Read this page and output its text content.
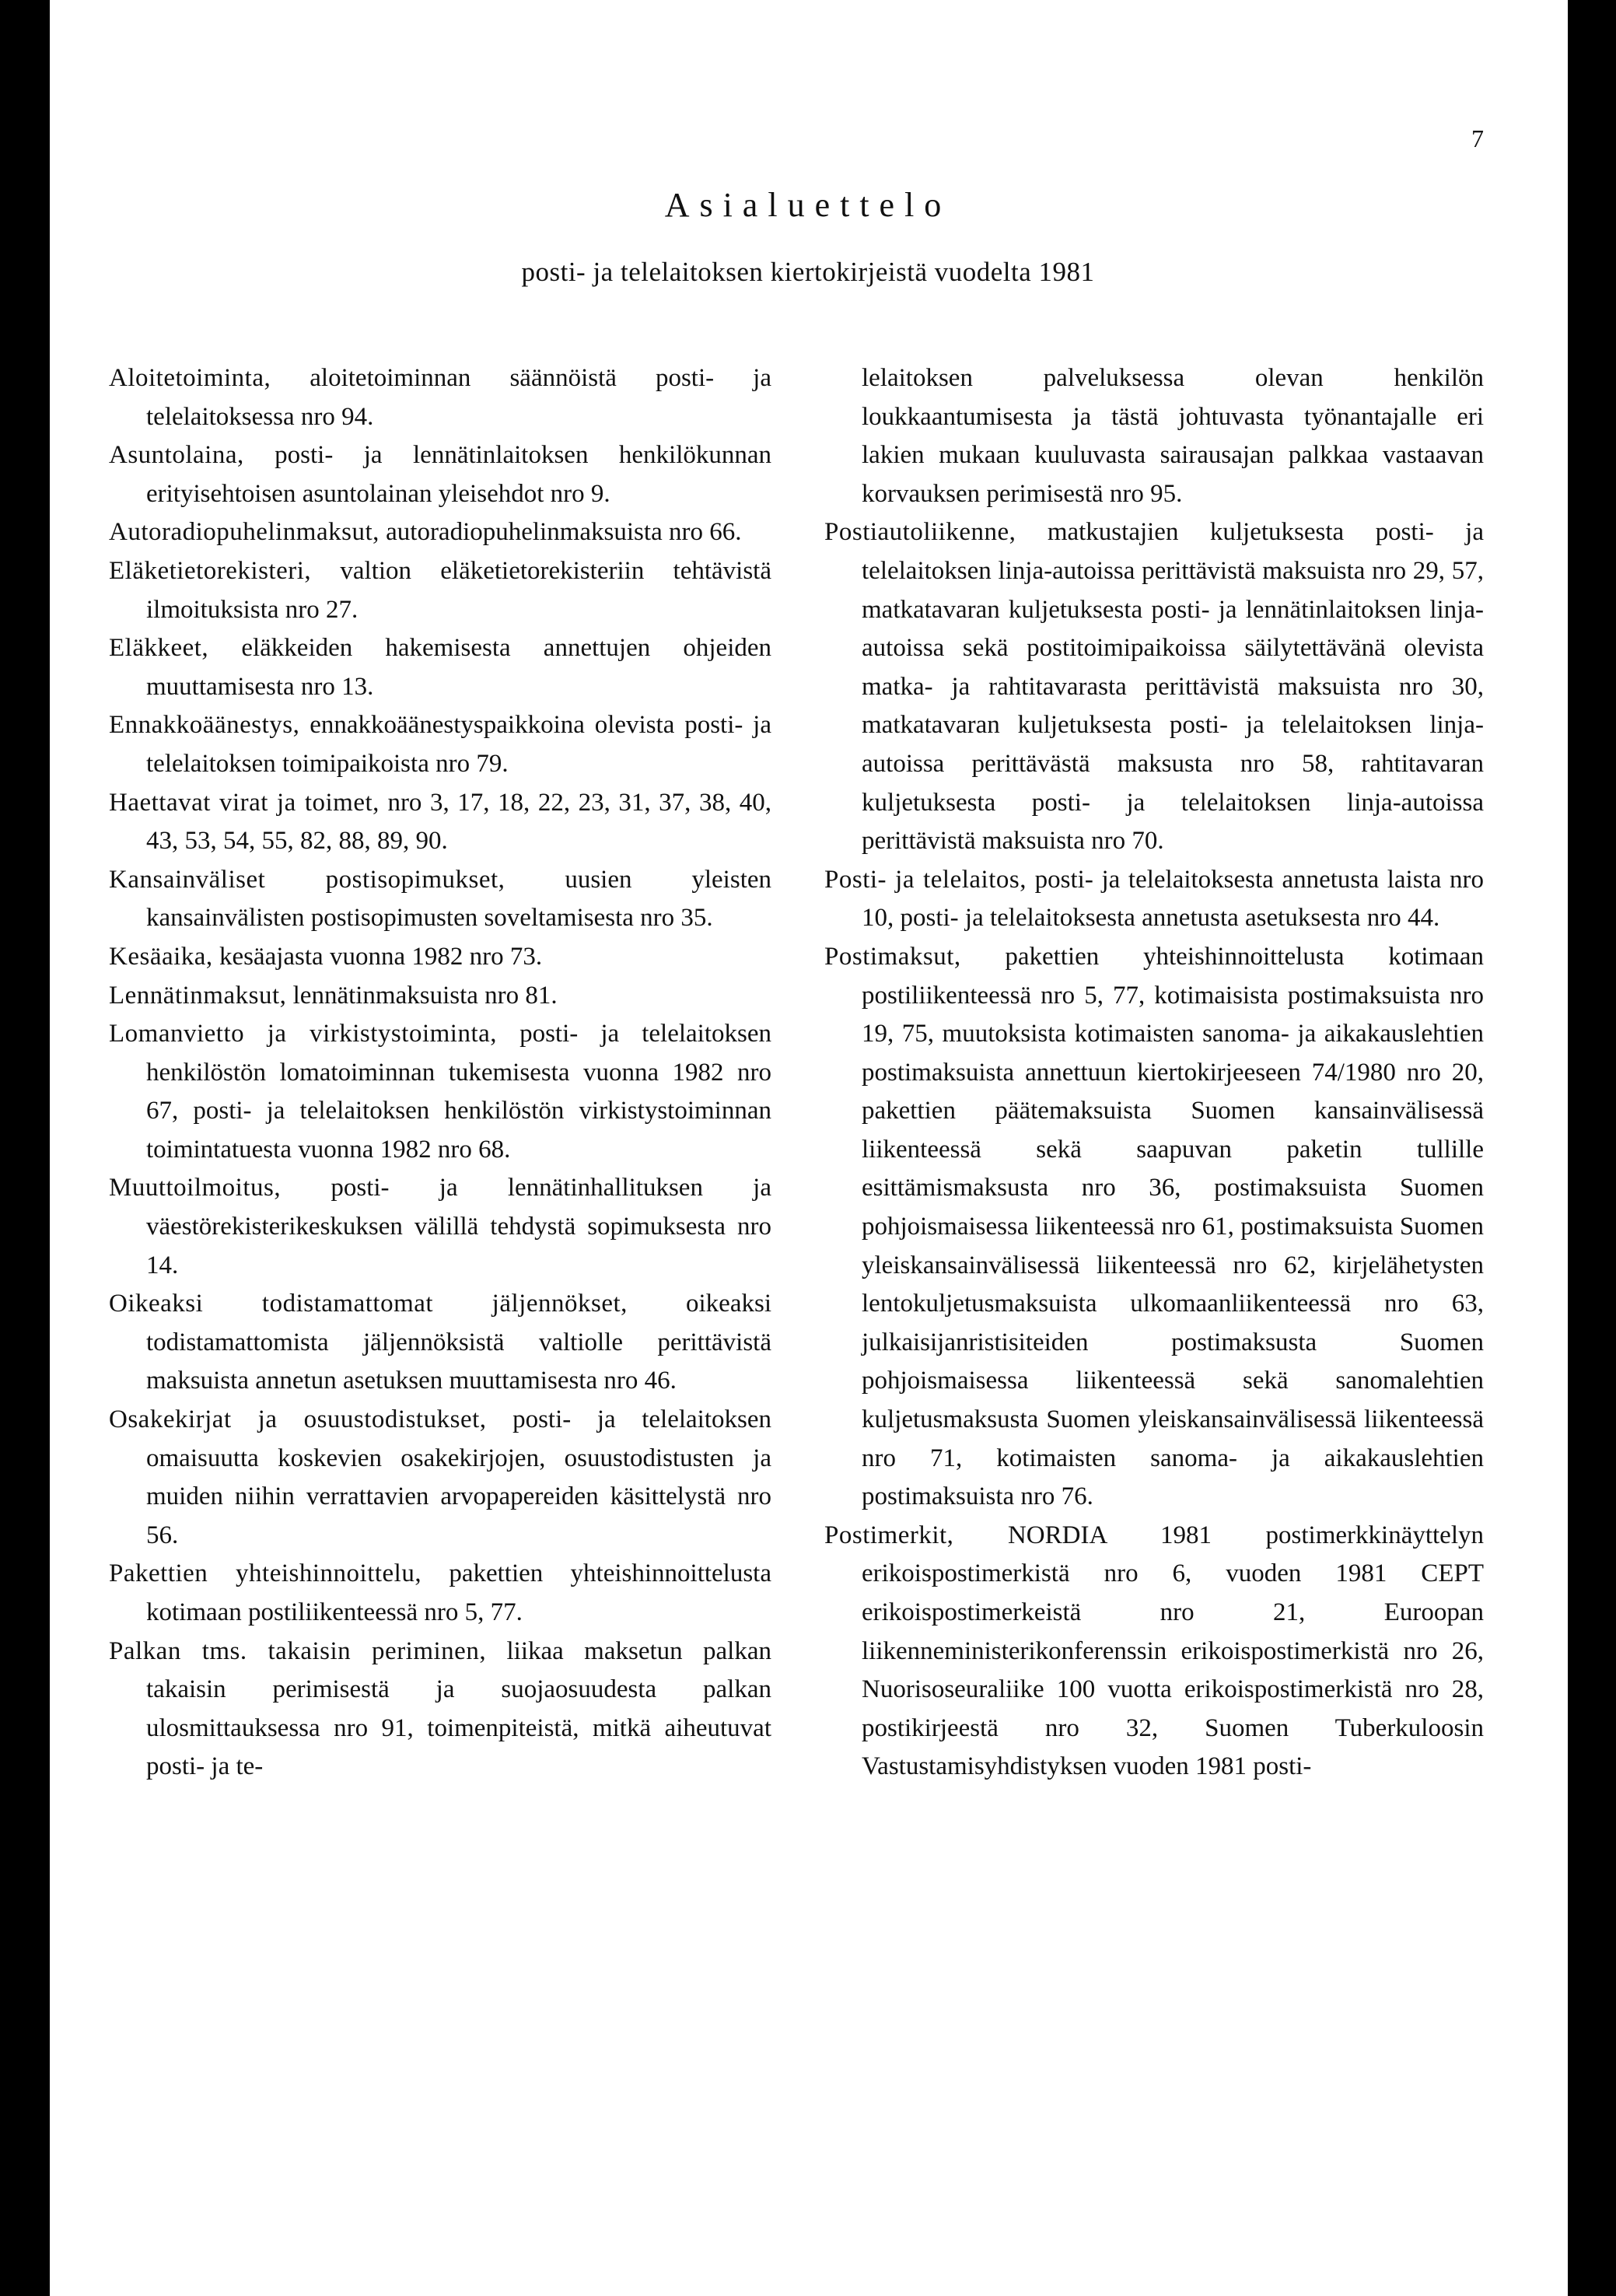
7
Asialuettelo
posti- ja telelaitoksen kiertokirjeistä vuodelta 1981

Aloitetoiminta, aloitetoiminnan säännöistä posti- ja telelaitoksessa nro 94.

Asuntolaina, posti- ja lennätinlaitoksen henkilökunnan erityisehtoisen asuntolainan yleisehdot nro 9.

Autoradiopuhelinmaksut, autoradiopuhelinmaksuista nro 66.

Eläketietorekisteri, valtion eläketietorekisteriin tehtävistä ilmoituksista nro 27.

Eläkkeet, eläkkeiden hakemisesta annettujen ohjeiden muuttamisesta nro 13.

Ennakkoäänestys, ennakkoäänestyspaikkoina olevista posti- ja telelaitoksen toimipaikoista nro 79.

Haettavat virat ja toimet, nro 3, 17, 18, 22, 23, 31, 37, 38, 40, 43, 53, 54, 55, 82, 88, 89, 90.

Kansainväliset postisopimukset, uusien yleisten kansainvälisten postisopimusten soveltamisesta nro 35.

Kesäaika, kesäajasta vuonna 1982 nro 73.

Lennätinmaksut, lennätinmaksuista nro 81.

Lomanvietto ja virkistystoiminta, posti- ja telelaitoksen henkilöstön lomatoiminnan tukemisesta vuonna 1982 nro 67, posti- ja telelaitoksen henkilöstön virkistystoiminnan toimintatuesta vuonna 1982 nro 68.

Muuttoilmoitus, posti- ja lennätinhallituksen ja väestörekisterikeskuksen välillä tehdystä sopimuksesta nro 14.

Oikeaksi todistamattomat jäljennökset, oikeaksi todistamattomista jäljennöksistä valtiolle perittävistä maksuista annetun asetuksen muuttamisesta nro 46.

Osakekirjat ja osuustodistukset, posti- ja telelaitoksen omaisuutta koskevien osakekirjojen, osuustodistusten ja muiden niihin verrattavien arvopapereiden käsittelystä nro 56.

Pakettien yhteishinnoittelu, pakettien yhteishinnoittelusta kotimaan postiliikenteessä nro 5, 77.

Palkan tms. takaisin periminen, liikaa maksetun palkan takaisin perimisestä ja suojaosuudesta palkan ulosmittauksessa nro 91, toimenpiteistä, mitkä aiheutuvat posti- ja te-

lelaitoksen palveluksessa olevan henkilön loukkaantumisesta ja tästä johtuvasta työnantajalle eri lakien mukaan kuuluvasta sairausajan palkkaa vastaavan korvauksen perimisestä nro 95.

Postiautoliikenne, matkustajien kuljetuksesta posti- ja telelaitoksen linja-autoissa perittävistä maksuista nro 29, 57, matkatavaran kuljetuksesta posti- ja lennätinlaitoksen linja-autoissa sekä postitoimipaikoissa säilytettävänä olevista matka- ja rahtitavarasta perittävistä maksuista nro 30, matkatavaran kuljetuksesta posti- ja telelaitoksen linja-autoissa perittävästä maksusta nro 58, rahtitavaran kuljetuksesta posti- ja telelaitoksen linja-autoissa perittävistä maksuista nro 70.

Posti- ja telelaitos, posti- ja telelaitoksesta annetusta laista nro 10, posti- ja telelaitoksesta annetusta asetuksesta nro 44.

Postimaksut, pakettien yhteishinnoittelusta kotimaan postiliikenteessä nro 5, 77, kotimaisista postimaksuista nro 19, 75, muutoksista kotimaisten sanoma- ja aikakauslehtien postimaksuista annettuun kiertokirjeeseen 74/1980 nro 20, pakettien päätemaksuista Suomen kansainvälisessä liikenteessä sekä saapuvan paketin tullille esittämismaksusta nro 36, postimaksuista Suomen pohjoismaisessa liikenteessä nro 61, postimaksuista Suomen yleiskansainvälisessä liikenteessä nro 62, kirjelähetysten lentokuljetusmaksuista ulkomaanliikenteessä nro 63, julkaisijanristisiteiden postimaksusta Suomen pohjoismaisessa liikenteessä sekä sanomalehtien kuljetusmaksusta Suomen yleiskansainvälisessä liikenteessä nro 71, kotimaisten sanoma- ja aikakauslehtien postimaksuista nro 76.

Postimerkit, NORDIA 1981 postimerkkinäyttelyn erikoispostimerkistä nro 6, vuoden 1981 CEPT erikoispostimerkeistä nro 21, Euroopan liikenneministerikonferenssin erikoispostimerkistä nro 26, Nuorisoseuraliike 100 vuotta erikoispostimerkistä nro 28, postikirjeestä nro 32, Suomen Tuberkuloosin Vastustamisyhdistyksen vuoden 1981 posti-
